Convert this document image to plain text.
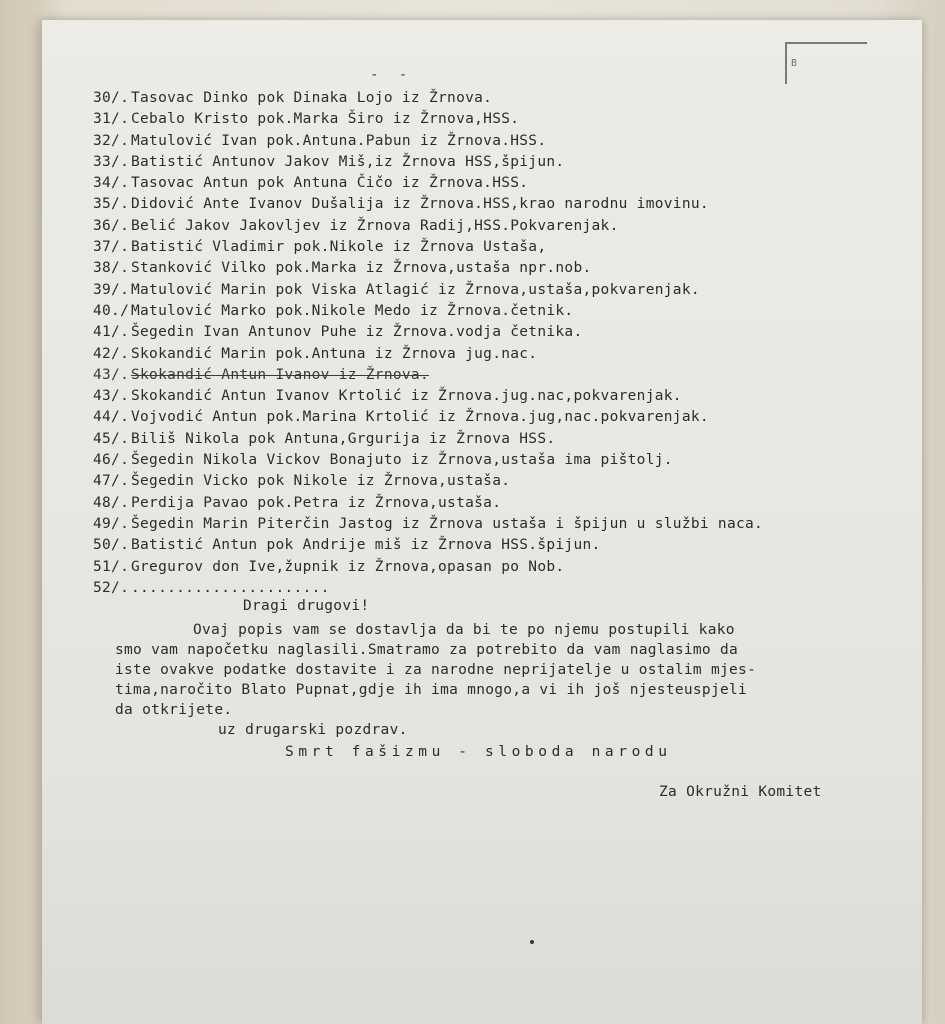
B
- -
30/. Tasovac Dinko pok Dinaka Lojo iz Žrnova.
31/. Cebalo Kristo pok.Marka Širo iz Žrnova,HSS.
32/. Matulović Ivan pok.Antuna.Pabun iz Žrnova.HSS.
33/. Batistić Antunov Jakov Miš,iz Žrnova HSS,špijun.
34/. Tasovac Antun pok Antuna Čičo iz Žrnova.HSS.
35/. Didović Ante Ivanov Dušalija iz Žrnova.HSS,krao narodnu imovinu.
36/. Belić Jakov Jakovljev iz Žrnova Radij,HSS.Pokvarenjak.
37/. Batistić Vladimir pok.Nikole iz Žrnova Ustaša,
38/. Stanković Vilko pok.Marka iz Žrnova,ustaša npr.nob.
39/. Matulović Marin pok Viska Atlagić iz Žrnova,ustaša,pokvarenjak.
40./ Matulović Marko pok.Nikole Medo iz Žrnova.četnik.
41/. Šegedin Ivan Antunov Puhe iz Žrnova.vodja četnika.
42/. Skokandić Marin pok.Antuna iz Žrnova jug.nac.
43/. Skokandić Antun Ivanov iz Žrnova.
43/. Skokandić Antun Ivanov Krtolić iz Žrnova.jug.nac,pokvarenjak.
44/. Vojvodić Antun pok.Marina Krtolić iz Žrnova.jug,nac.pokvarenjak.
45/. Biliš Nikola pok Antuna,Grgurija iz Žrnova HSS.
46/. Šegedin Nikola Vickov Bonajuto iz Žrnova,ustaša ima pištolj.
47/. Šegedin Vicko pok Nikole iz Žrnova,ustaša.
48/. Perdija Pavao pok.Petra iz Žrnova,ustaša.
49/. Šegedin Marin Piterčin Jastog iz Žrnova ustaša i špijun u službi naca.
50/. Batistić Antun pok Andrije miš iz Žrnova HSS.špijun.
51/. Gregurov don Ive,župnik iz Žrnova,opasan po Nob.
52/. ......................
Dragi drugovi!
Ovaj popis vam se dostavlja da bi te po njemu postupili kako
smo vam napočetku naglasili.Smatramo za potrebito da vam naglasimo da
iste ovakve podatke dostavite i za narodne neprijatelje u ostalim mjes-
tima,naročito Blato Pupnat,gdje ih ima mnogo,a vi ih još njesteuspjeli
da otkrijete.
uz drugarski pozdrav.
Smrt fašizmu - sloboda narodu
Za Okružni Komitet
